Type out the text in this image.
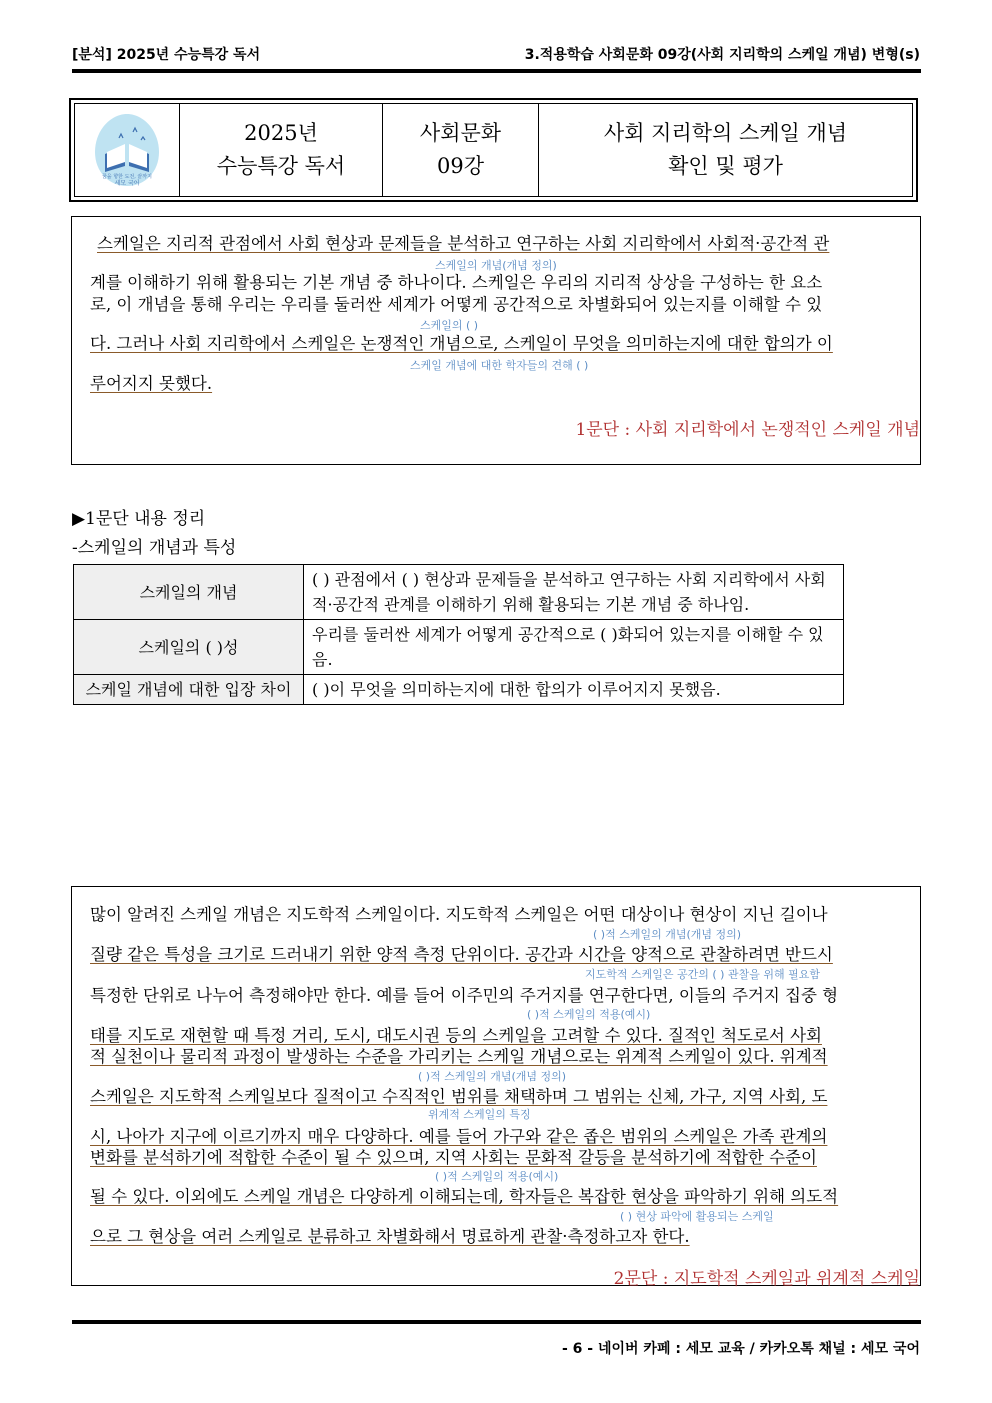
[분석] 2025년 수능특강 독서	3.적용학습 사회문화 09강(사회 지리학의 스케일 개념) 변형(s)
꿈을 향한 도전, 끝까지
세모 국어
2025년
수능특강 독서
사회문화
09강
사회 지리학의 스케일 개념
확인 및 평가
스케일은 지리적 관점에서 사회 현상과 문제들을 분석하고 연구하는 사회 지리학에서 사회적·공간적 관
스케일의 개념(개념 정의)
계를 이해하기 위해 활용되는 기본 개념 중 하나이다. 스케일은 우리의 지리적 상상을 구성하는 한 요소
로, 이 개념을 통해 우리는 우리를 둘러싼 세계가 어떻게 공간적으로 차별화되어 있는지를 이해할 수 있
스케일의 ( )
다. 그러나 사회 지리학에서 스케일은 논쟁적인 개념으로, 스케일이 무엇을 의미하는지에 대한 합의가 이
스케일 개념에 대한 학자들의 견해 ( )
루어지지 못했다.
1문단 : 사회 지리학에서 논쟁적인 스케일 개념
▶1문단 내용 정리
-스케일의 개념과 특성
스케일의 개념	( ) 관점에서 ( ) 현상과 문제들을 분석하고 연구하는 사회 지리학에서 사회적·공간적 관계를 이해하기 위해 활용되는 기본 개념 중 하나임.
스케일의 ( )성	우리를 둘러싼 세계가 어떻게 공간적으로 ( )화되어 있는지를 이해할 수 있음.
스케일 개념에 대한 입장 차이	( )이 무엇을 의미하는지에 대한 합의가 이루어지지 못했음.
많이 알려진 스케일 개념은 지도학적 스케일이다. 지도학적 스케일은 어떤 대상이나 현상이 지닌 길이나
( )적 스케일의 개념(개념 정의)
질량 같은 특성을 크기로 드러내기 위한 양적 측정 단위이다. 공간과 시간을 양적으로 관찰하려면 반드시
지도학적 스케일은 공간의 ( ) 관찰을 위해 필요함
특정한 단위로 나누어 측정해야만 한다. 예를 들어 이주민의 주거지를 연구한다면, 이들의 주거지 집중 형
( )적 스케일의 적용(예시)
태를 지도로 재현할 때 특정 거리, 도시, 대도시권 등의 스케일을 고려할 수 있다. 질적인 척도로서 사회
적 실천이나 물리적 과정이 발생하는 수준을 가리키는 스케일 개념으로는 위계적 스케일이 있다. 위계적
( )적 스케일의 개념(개념 정의)
스케일은 지도학적 스케일보다 질적이고 수직적인 범위를 채택하며 그 범위는 신체, 가구, 지역 사회, 도
위계적 스케일의 특징
시, 나아가 지구에 이르기까지 매우 다양하다. 예를 들어 가구와 같은 좁은 범위의 스케일은 가족 관계의
변화를 분석하기에 적합한 수준이 될 수 있으며, 지역 사회는 문화적 갈등을 분석하기에 적합한 수준이
( )적 스케일의 적용(예시)
될 수 있다. 이외에도 스케일 개념은 다양하게 이해되는데, 학자들은 복잡한 현상을 파악하기 위해 의도적
( ) 현상 파악에 활용되는 스케일
으로 그 현상을 여러 스케일로 분류하고 차별화해서 명료하게 관찰·측정하고자 한다.
2문단 : 지도학적 스케일과 위계적 스케일
- 6 - 네이버 카페 : 세모 교육 / 카카오톡 채널 : 세모 국어
